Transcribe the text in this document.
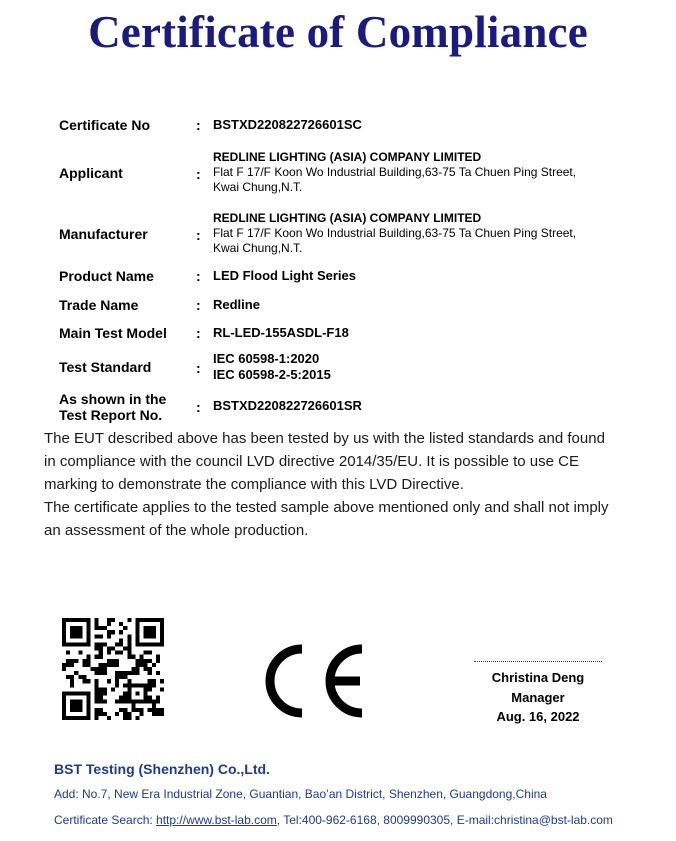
Certificate of Compliance
Certificate No	: BSTXD220822726601SC
Applicant	:
REDLINE LIGHTING (ASIA) COMPANY LIMITED
Flat F 17/F Koon Wo Industrial Building,63-75 Ta Chuen Ping Street,
Kwai Chung,N.T.
Manufacturer	:
REDLINE LIGHTING (ASIA) COMPANY LIMITED
Flat F 17/F Koon Wo Industrial Building,63-75 Ta Chuen Ping Street,
Kwai Chung,N.T.
Product Name	: LED Flood Light Series
Trade Name	: Redline
Main Test Model : RL-LED-155ASDL-F18
Test Standard	:
IEC 60598-1:2020
IEC 60598-2-5:2015
As shown in the
Test Report No. : BSTXD220822726601SR

The EUT described above has been tested by us with the listed standards and found

in compliance with the council LVD directive 2014/35/EU. It is possible to use CE

marking to demonstrate the compliance with this LVD Directive.

The certificate applies to the tested sample above mentioned only and shall not imply

an assessment of the whole production.

Christina Deng
Manager
Aug. 16, 2022
BST Testing (Shenzhen) Co.,Ltd.
Add: No.7, New Era Industrial Zone, Guantian, Bao’an District, Shenzhen, Guangdong,China
Certificate Search: http://www.bst-lab.com, Tel:400-962-6168, 8009990305, E-mail:christina@bst-lab.com
